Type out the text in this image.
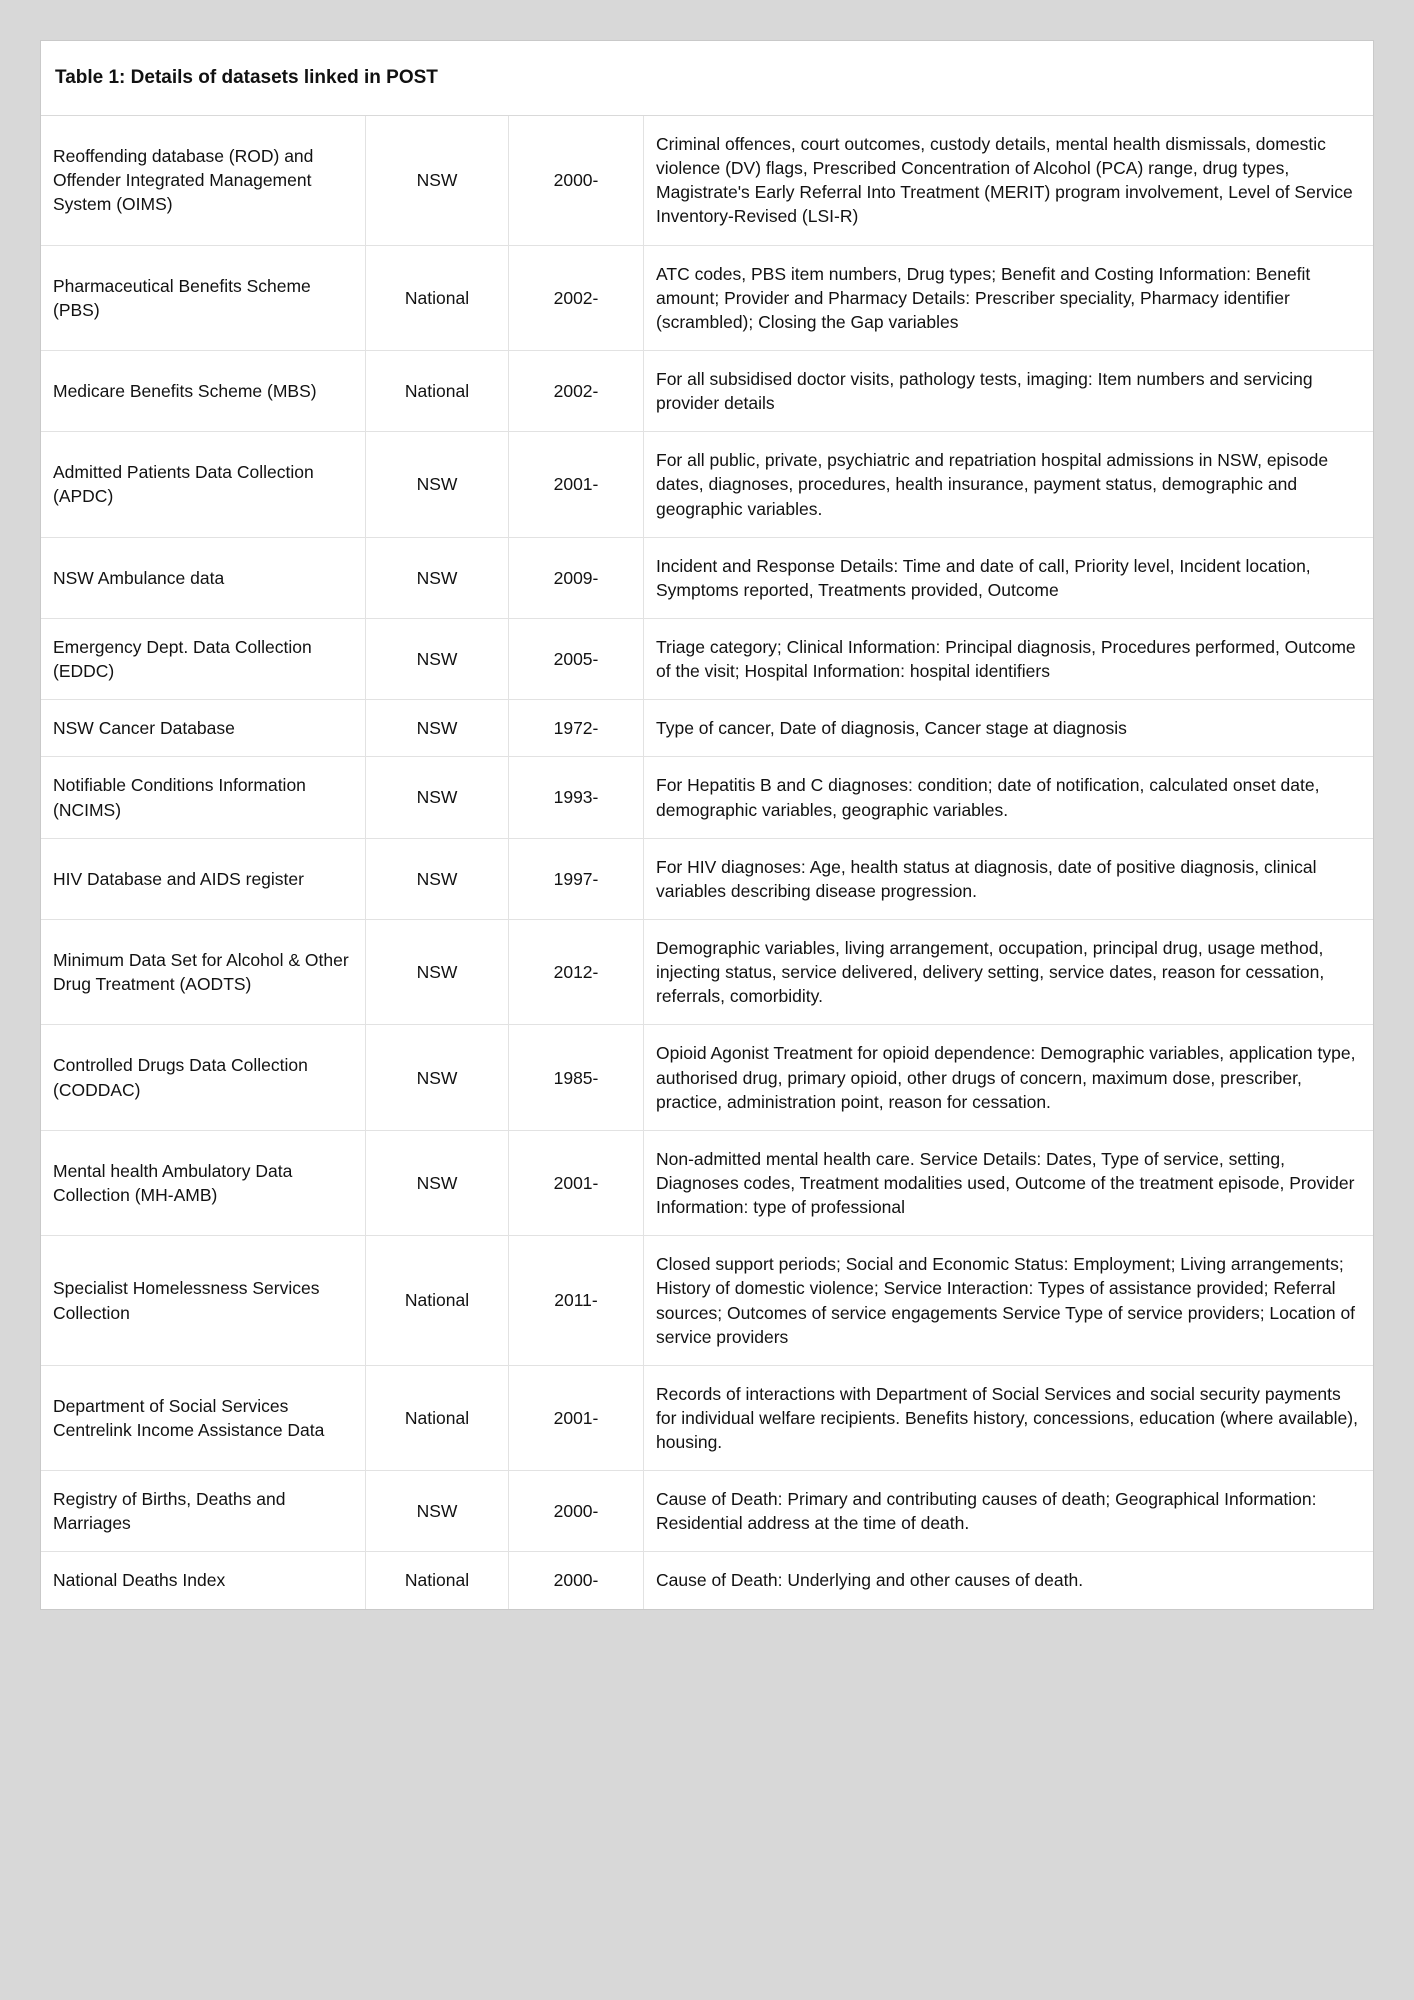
Table 1: Details of datasets linked in POST
Reoffending database (ROD) and Offender Integrated Management System (OIMS)	NSW	2000-	Criminal offences, court outcomes, custody details, mental health dismissals, domestic violence (DV) flags, Prescribed Concentration of Alcohol (PCA) range, drug types, Magistrate's Early Referral Into Treatment (MERIT) program involvement, Level of Service Inventory-Revised (LSI-R)
Pharmaceutical Benefits Scheme (PBS)	National	2002-	ATC codes, PBS item numbers, Drug types; Benefit and Costing Information: Benefit amount; Provider and Pharmacy Details: Prescriber speciality, Pharmacy identifier (scrambled); Closing the Gap variables
Medicare Benefits Scheme (MBS)	National	2002-	For all subsidised doctor visits, pathology tests, imaging: Item numbers and servicing provider details
Admitted Patients Data Collection (APDC)	NSW	2001-	For all public, private, psychiatric and repatriation hospital admissions in NSW, episode dates, diagnoses, procedures, health insurance, payment status, demographic and geographic variables.
NSW Ambulance data	NSW	2009-	Incident and Response Details: Time and date of call, Priority level, Incident location, Symptoms reported, Treatments provided, Outcome
Emergency Dept. Data Collection (EDDC)	NSW	2005-	Triage category; Clinical Information: Principal diagnosis, Procedures performed, Outcome of the visit; Hospital Information: hospital identifiers
NSW Cancer Database	NSW	1972-	Type of cancer, Date of diagnosis, Cancer stage at diagnosis
Notifiable Conditions Information (NCIMS)	NSW	1993-	For Hepatitis B and C diagnoses: condition; date of notification, calculated onset date, demographic variables, geographic variables.
HIV Database and AIDS register	NSW	1997-	For HIV diagnoses: Age, health status at diagnosis, date of positive diagnosis, clinical variables describing disease progression.
Minimum Data Set for Alcohol & Other Drug Treatment (AODTS)	NSW	2012-	Demographic variables, living arrangement, occupation, principal drug, usage method, injecting status, service delivered, delivery setting, service dates, reason for cessation, referrals, comorbidity.
Controlled Drugs Data Collection (CODDAC)	NSW	1985-	Opioid Agonist Treatment for opioid dependence: Demographic variables, application type, authorised drug, primary opioid, other drugs of concern, maximum dose, prescriber, practice, administration point, reason for cessation.
Mental health Ambulatory Data Collection (MH-AMB)	NSW	2001-	Non-admitted mental health care. Service Details: Dates, Type of service, setting, Diagnoses codes, Treatment modalities used, Outcome of the treatment episode, Provider Information: type of professional
Specialist Homelessness Services Collection	National	2011-	Closed support periods; Social and Economic Status: Employment; Living arrangements; History of domestic violence; Service Interaction: Types of assistance provided; Referral sources; Outcomes of service engagements Service Type of service providers; Location of service providers
Department of Social Services Centrelink Income Assistance Data	National	2001-	Records of interactions with Department of Social Services and social security payments for individual welfare recipients. Benefits history, concessions, education (where available), housing.
Registry of Births, Deaths and Marriages	NSW	2000-	Cause of Death: Primary and contributing causes of death; Geographical Information: Residential address at the time of death.
National Deaths Index	National	2000-	Cause of Death: Underlying and other causes of death.
